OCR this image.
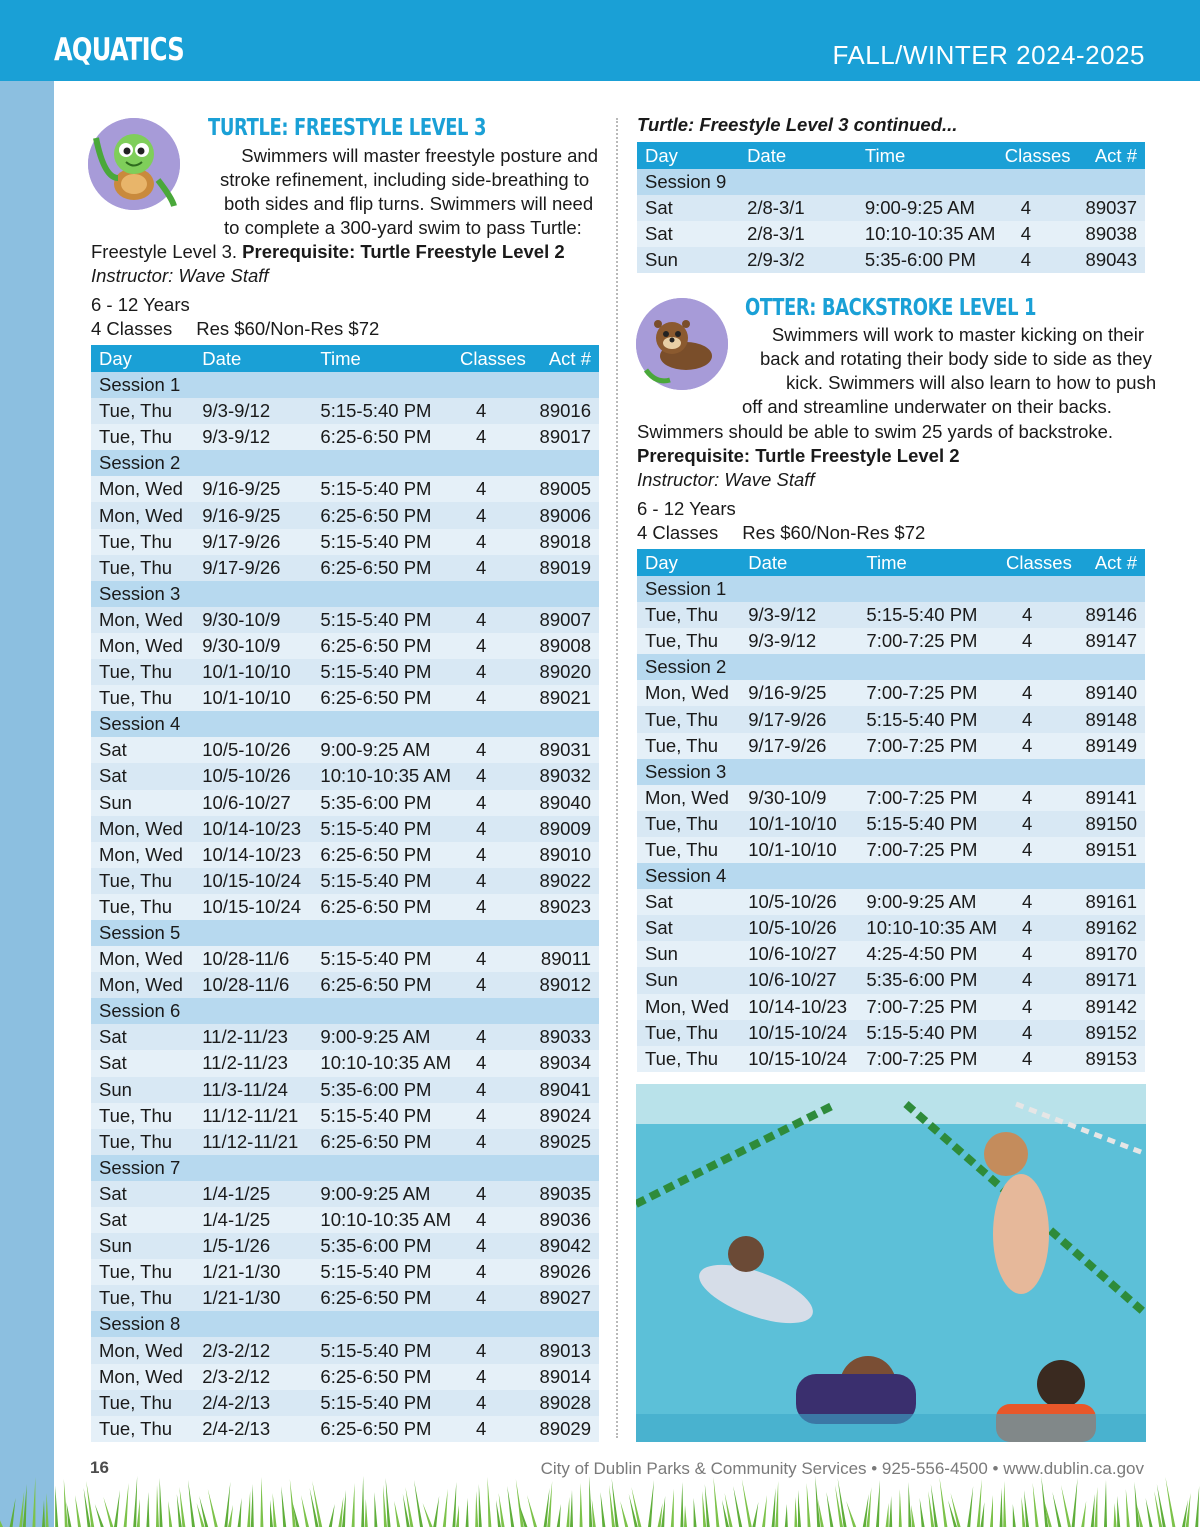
AQUATICS	FALL/WINTER 2024-2025
TURTLE: FREESTYLE LEVEL 3
Swimmers will master freestyle posture and
stroke refinement, including side-breathing to
both sides and flip turns. Swimmers will need
to complete a 300-yard swim to pass Turtle:
Freestyle Level 3. Prerequisite: Turtle Freestyle Level 2
Instructor: Wave Staff
6 - 12 Years
4 Classes Res $60/Non-Res $72
Day	Date	Time	Classes	Act #
Session 1				
Tue, Thu	9/3-9/12	5:15-5:40 PM	4	89016
Tue, Thu	9/3-9/12	6:25-6:50 PM	4	89017
Session 2				
Mon, Wed	9/16-9/25	5:15-5:40 PM	4	89005
Mon, Wed	9/16-9/25	6:25-6:50 PM	4	89006
Tue, Thu	9/17-9/26	5:15-5:40 PM	4	89018
Tue, Thu	9/17-9/26	6:25-6:50 PM	4	89019
Session 3				
Mon, Wed	9/30-10/9	5:15-5:40 PM	4	89007
Mon, Wed	9/30-10/9	6:25-6:50 PM	4	89008
Tue, Thu	10/1-10/10	5:15-5:40 PM	4	89020
Tue, Thu	10/1-10/10	6:25-6:50 PM	4	89021
Session 4				
Sat	10/5-10/26	9:00-9:25 AM	4	89031
Sat	10/5-10/26	10:10-10:35 AM	4	89032
Sun	10/6-10/27	5:35-6:00 PM	4	89040
Mon, Wed	10/14-10/23	5:15-5:40 PM	4	89009
Mon, Wed	10/14-10/23	6:25-6:50 PM	4	89010
Tue, Thu	10/15-10/24	5:15-5:40 PM	4	89022
Tue, Thu	10/15-10/24	6:25-6:50 PM	4	89023
Session 5				
Mon, Wed	10/28-11/6	5:15-5:40 PM	4	89011
Mon, Wed	10/28-11/6	6:25-6:50 PM	4	89012
Session 6				
Sat	11/2-11/23	9:00-9:25 AM	4	89033
Sat	11/2-11/23	10:10-10:35 AM	4	89034
Sun	11/3-11/24	5:35-6:00 PM	4	89041
Tue, Thu	11/12-11/21	5:15-5:40 PM	4	89024
Tue, Thu	11/12-11/21	6:25-6:50 PM	4	89025
Session 7				
Sat	1/4-1/25	9:00-9:25 AM	4	89035
Sat	1/4-1/25	10:10-10:35 AM	4	89036
Sun	1/5-1/26	5:35-6:00 PM	4	89042
Tue, Thu	1/21-1/30	5:15-5:40 PM	4	89026
Tue, Thu	1/21-1/30	6:25-6:50 PM	4	89027
Session 8				
Mon, Wed	2/3-2/12	5:15-5:40 PM	4	89013
Mon, Wed	2/3-2/12	6:25-6:50 PM	4	89014
Tue, Thu	2/4-2/13	5:15-5:40 PM	4	89028
Tue, Thu	2/4-2/13	6:25-6:50 PM	4	89029
Turtle: Freestyle Level 3 continued...
Day	Date	Time	Classes	Act #
Session 9				
Sat	2/8-3/1	9:00-9:25 AM	4	89037
Sat	2/8-3/1	10:10-10:35 AM	4	89038
Sun	2/9-3/2	5:35-6:00 PM	4	89043
OTTER: BACKSTROKE LEVEL 1
Swimmers will work to master kicking on their
back and rotating their body side to side as they
kick. Swimmers will also learn to how to push
off and streamline underwater on their backs.
Swimmers should be able to swim 25 yards of backstroke.
Prerequisite: Turtle Freestyle Level 2
Instructor: Wave Staff
6 - 12 Years
4 Classes Res $60/Non-Res $72
Day	Date	Time	Classes	Act #
Session 1				
Tue, Thu	9/3-9/12	5:15-5:40 PM	4	89146
Tue, Thu	9/3-9/12	7:00-7:25 PM	4	89147
Session 2				
Mon, Wed	9/16-9/25	7:00-7:25 PM	4	89140
Tue, Thu	9/17-9/26	5:15-5:40 PM	4	89148
Tue, Thu	9/17-9/26	7:00-7:25 PM	4	89149
Session 3				
Mon, Wed	9/30-10/9	7:00-7:25 PM	4	89141
Tue, Thu	10/1-10/10	5:15-5:40 PM	4	89150
Tue, Thu	10/1-10/10	7:00-7:25 PM	4	89151
Session 4				
Sat	10/5-10/26	9:00-9:25 AM	4	89161
Sat	10/5-10/26	10:10-10:35 AM	4	89162
Sun	10/6-10/27	4:25-4:50 PM	4	89170
Sun	10/6-10/27	5:35-6:00 PM	4	89171
Mon, Wed	10/14-10/23	7:00-7:25 PM	4	89142
Tue, Thu	10/15-10/24	5:15-5:40 PM	4	89152
Tue, Thu	10/15-10/24	7:00-7:25 PM	4	89153
16	City of Dublin Parks & Community Services • 925-556-4500 • www.dublin.ca.gov
